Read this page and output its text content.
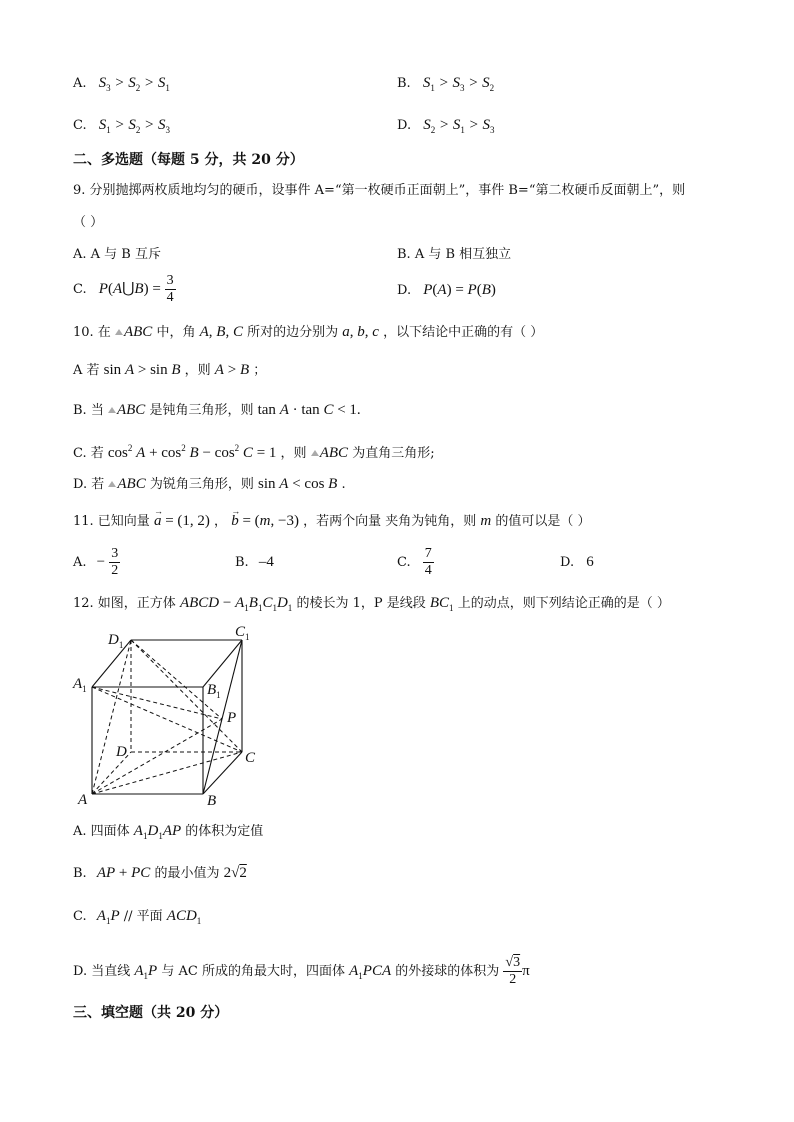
A. $S_3 > S_2 > S_1$	B. $S_1 > S_3 > S_2$
C. $S_1 > S_2 > S_3$	D. $S_2 > S_1 > S_3$
二、多选题（每题 5 分，共 20 分）
9. 分别抛掷两枚质地均匀的硬币，设事件 A=“第一枚硬币正面朝上”，事件 B=“第二枚硬币反面朝上”，则
（ ）
A. A 与 B 互斥	B. A 与 B 相互独立
C. P(A⋃B) = $\frac{3}{4}$	D. P(A) = P(B)
10. 在 ABC 中，角 A, B, C 所对的边分别为 a, b, c ，以下结论中正确的有（ ）
A 若 sin A > sin B ，则 A > B ；
B. 当 ABC 是钝角三角形，则 tan A · tan C < 1.
C. 若 $\cos^2 A + \cos^2 B - \cos^2 C = 1$ ，则 ABC 为直角三角形;
D. 若 ABC 为锐角三角形，则 sin A < cos B .
11. 已知向量 → a = (1, 2) ， → b = (m, −3) ，若两个向量 夹角为钝角，则 m 的值可以是（ ）
A. − $\frac{3}{2}$	B. –4	C. $\frac{7}{4}$	D. 6
12. 如图，正方体 ABCD − $A_1B_1C_1D_1$ 的棱长为 1，P 是线段 $BC_1$ 上的动点，则下列结论正确的是（ ）
$D_1$
$C_1$
$A_1$	$B_1$
P
D	C
A	B
A. 四面体 $A_1D_1AP$ 的体积为定值
B. AP + PC 的最小值为 2√2
C. $A_1P$ // 平面 $ACD_1$
D. 当直线 $A_1P$ 与 AC 所成的角最大时，四面体 $A_1PCA$ 的外接球的体积为 $\frac{√3}{2}$ π
三、填空题（共 20 分）
